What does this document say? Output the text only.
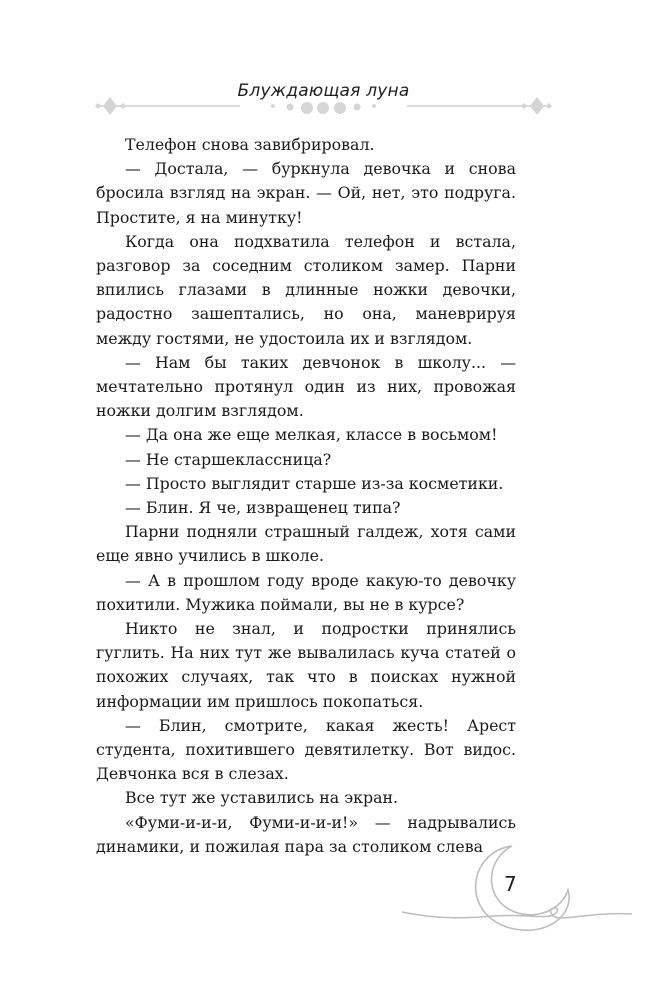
Блуждающая луна

Телефон снова завибрировал.

— Достала, — буркнула девочка и снова бросила взгляд на экран. — Ой, нет, это подруга. Простите, я на минутку!

Когда она подхватила телефон и встала, разговор за соседним столиком замер. Парни впились глазами в длинные ножки девочки, радостно зашептались, но она, маневрируя между гостями, не удостоила их и взглядом.

— Нам бы таких девчонок в школу... — мечтательно протянул один из них, провожая ножки долгим взглядом.

— Да она же еще мелкая, классе в восьмом!

— Не старшеклассница?

— Просто выглядит старше из-за косметики.

— Блин. Я че, извращенец типа?

Парни подняли страшный галдеж, хотя сами еще явно учились в школе.

— А в прошлом году вроде какую-то девочку похитили. Мужика поймали, вы не в курсе?

Никто не знал, и подростки принялись гуглить. На них тут же вывалилась куча статей о похожих случаях, так что в поисках нужной информации им пришлось покопаться.

— Блин, смотрите, какая жесть! Арест студента, похитившего девятилетку. Вот видос. Девчонка вся в слезах.

Все тут же уставились на экран.

«Фуми-и-и-и, Фуми-и-и-и!» — надрывались динамики, и пожилая пара за столиком слева

7
